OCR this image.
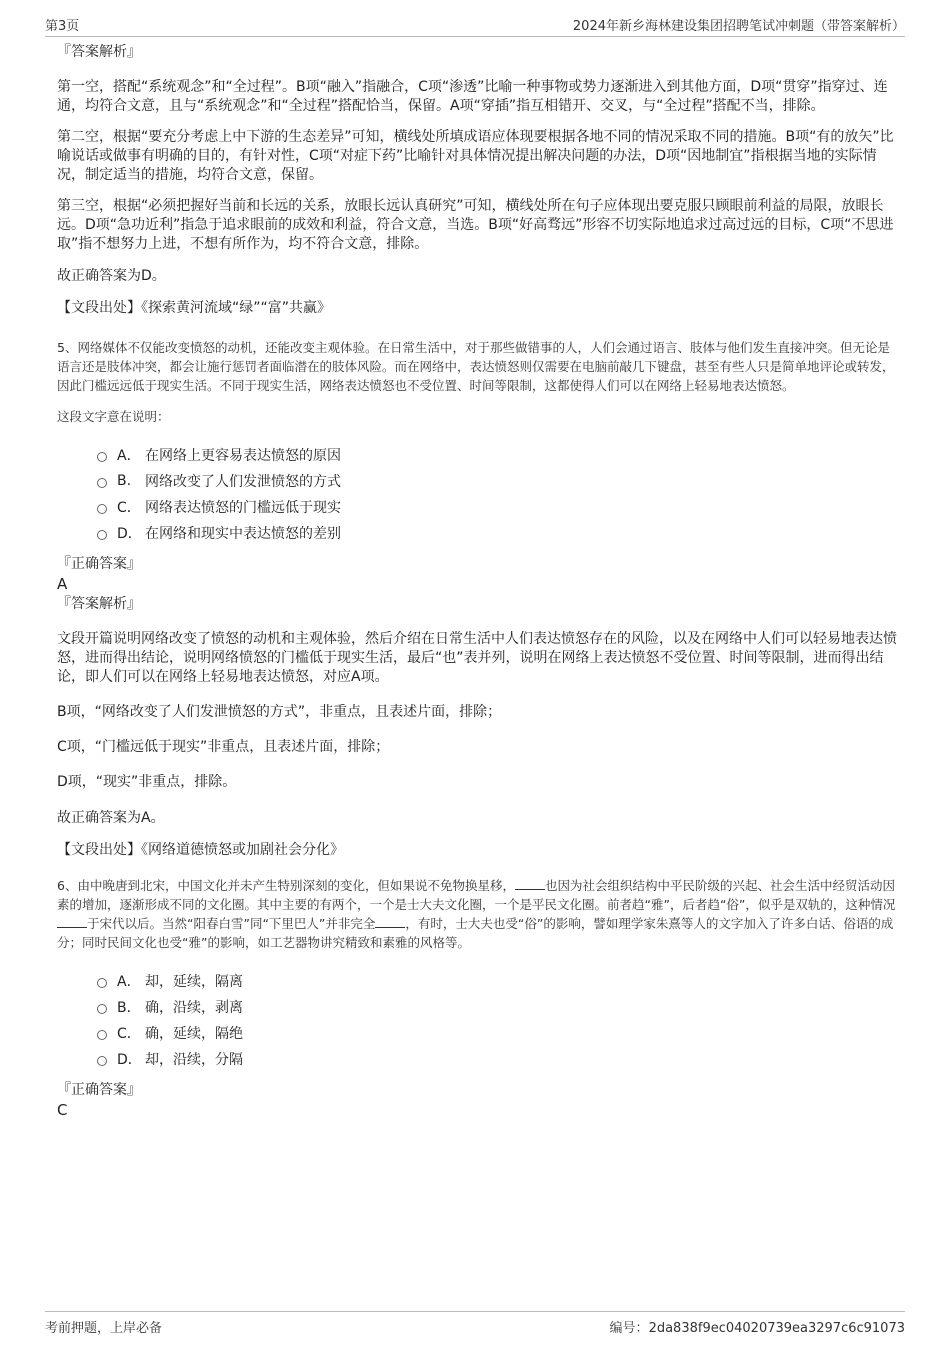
第3页	2024年新乡海林建设集团招聘笔试冲刺题（带答案解析）

『答案解析』

第一空，搭配“系统观念”和“全过程”。B项“融入”指融合，C项“渗透”比喻一种事物或势力逐渐进入到其他方面，D项“贯穿”指穿过、连通，均符合文意，且与“系统观念”和“全过程”搭配恰当，保留。A项“穿插”指互相错开、交叉，与“全过程”搭配不当，排除。

第二空，根据“要充分考虑上中下游的生态差异”可知，横线处所填成语应体现要根据各地不同的情况采取不同的措施。B项“有的放矢”比喻说话或做事有明确的目的，有针对性，C项“对症下药”比喻针对具体情况提出解决问题的办法，D项“因地制宜”指根据当地的实际情况，制定适当的措施，均符合文意，保留。

第三空，根据“必须把握好当前和长远的关系，放眼长远认真研究”可知，横线处所在句子应体现出要克服只顾眼前利益的局限，放眼长远。D项“急功近利”指急于追求眼前的成效和利益，符合文意，当选。B项“好高骛远”形容不切实际地追求过高过远的目标，C项“不思进取”指不想努力上进，不想有所作为，均不符合文意，排除。

故正确答案为D。

【文段出处】《探索黄河流域“绿”“富”共赢》

5、网络媒体不仅能改变愤怒的动机，还能改变主观体验。在日常生活中，对于那些做错事的人，人们会通过语言、肢体与他们发生直接冲突。但无论是语言还是肢体冲突，都会让施行惩罚者面临潜在的肢体风险。而在网络中，表达愤怒则仅需要在电脑前敲几下键盘，甚至有些人只是简单地评论或转发，因此门槛远远低于现实生活。不同于现实生活，网络表达愤怒也不受位置、时间等限制，这都使得人们可以在网络上轻易地表达愤怒。

这段文字意在说明：

A． 在网络上更容易表达愤怒的原因
B. 网络改变了人们发泄愤怒的方式
C． 网络表达愤怒的门槛远低于现实
D． 在网络和现实中表达愤怒的差别

『正确答案』

A

『答案解析』

文段开篇说明网络改变了愤怒的动机和主观体验，然后介绍在日常生活中人们表达愤怒存在的风险，以及在网络中人们可以轻易地表达愤怒，进而得出结论，说明网络愤怒的门槛低于现实生活，最后“也”表并列，说明在网络上表达愤怒不受位置、时间等限制，进而得出结论，即人们可以在网络上轻易地表达愤怒，对应A项。

B项，“网络改变了人们发泄愤怒的方式”，非重点，且表述片面，排除；

C项，“门槛远低于现实”非重点，且表述片面，排除；

D项，“现实”非重点，排除。

故正确答案为A。

【文段出处】《网络道德愤怒或加剧社会分化》

6、由中晚唐到北宋，中国文化并未产生特别深刻的变化，但如果说不免物换星移， 也因为社会组织结构中平民阶级的兴起、社会生活中经贸活动因素的增加，逐渐形成不同的文化圈。其中主要的有两个，一个是士大夫文化圈，一个是平民文化圈。前者趋“雅”，后者趋“俗”，似乎是双轨的，这种情况于宋代以后。当然“阳春白雪”同“下里巴人”并非完全 ，有时，士大夫也受“俗”的影响，譬如理学家朱熹等人的文字加入了许多白话、俗语的成分；同时民间文化也受“雅”的影响，如工艺器物讲究精致和素雅的风格等。

A． 却，延续，隔离
B． 确，沿续，剥离
C． 确，延续，隔绝
D． 却，沿续，分隔

『正确答案』

C

考前押题，上岸必备	编号：2da838f9ec04020739ea3297c6c91073
